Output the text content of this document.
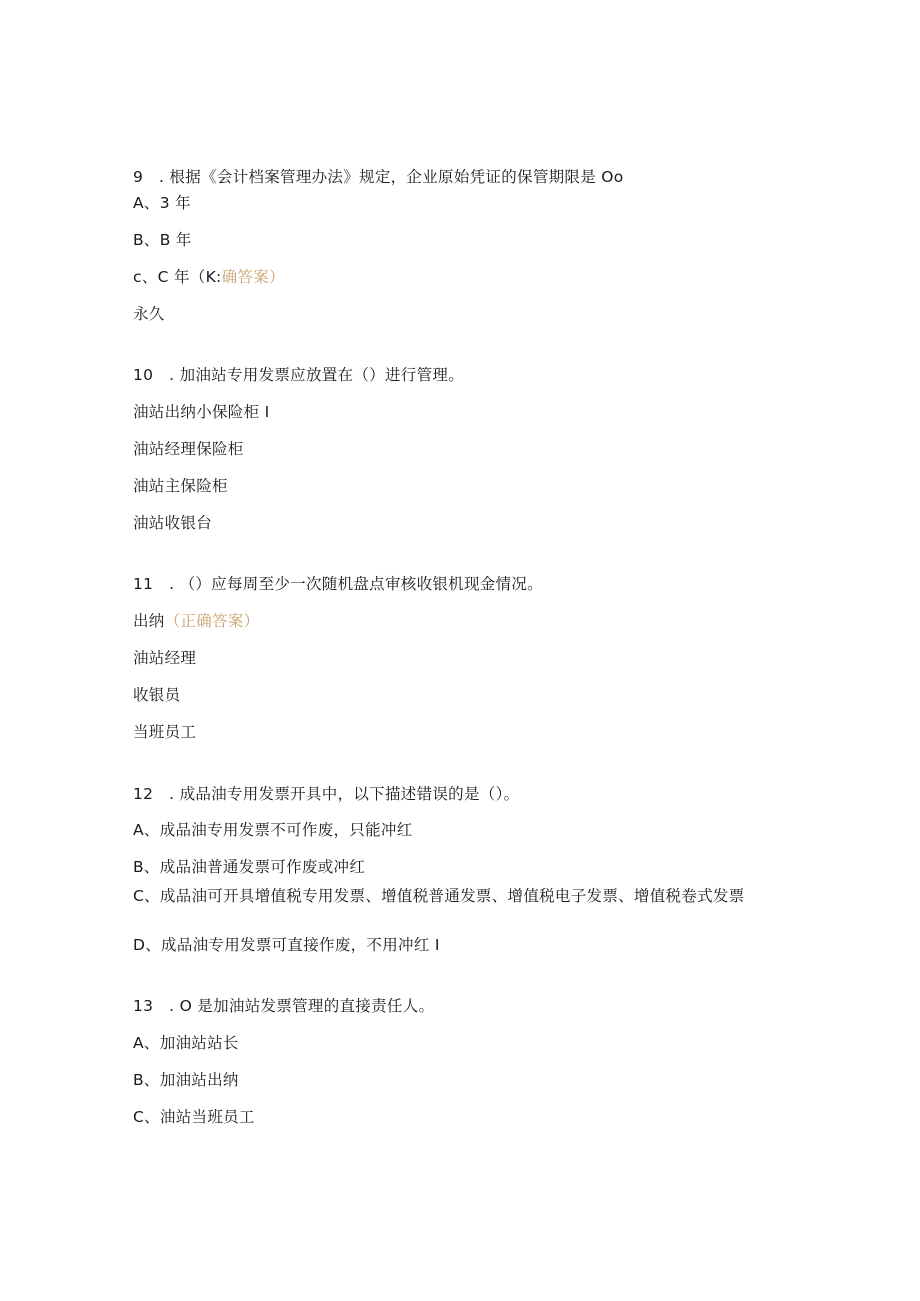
9　. 根据《会计档案管理办法》规定，企业原始凭证的保管期限是 Oo
A、3 年
B、B 年
c、C 年（K:确答案）
永久
10　. 加油站专用发票应放置在（）进行管理。
油站出纳小保险柜 I
油站经理保险柜
油站主保险柜
油站收银台
11　. （）应每周至少一次随机盘点审核收银机现金情况。
出纳（正确答案）
油站经理
收银员
当班员工
12　. 成品油专用发票开具中，以下描述错误的是（）。
A、成品油专用发票不可作废，只能冲红
B、成品油普通发票可作废或冲红
C、成品油可开具增值税专用发票、增值税普通发票、增值税电子发票、增值税卷式发票
D、成品油专用发票可直接作废，不用冲红 I
13　. O 是加油站发票管理的直接责任人。
A、加油站站长
B、加油站出纳
C、油站当班员工
